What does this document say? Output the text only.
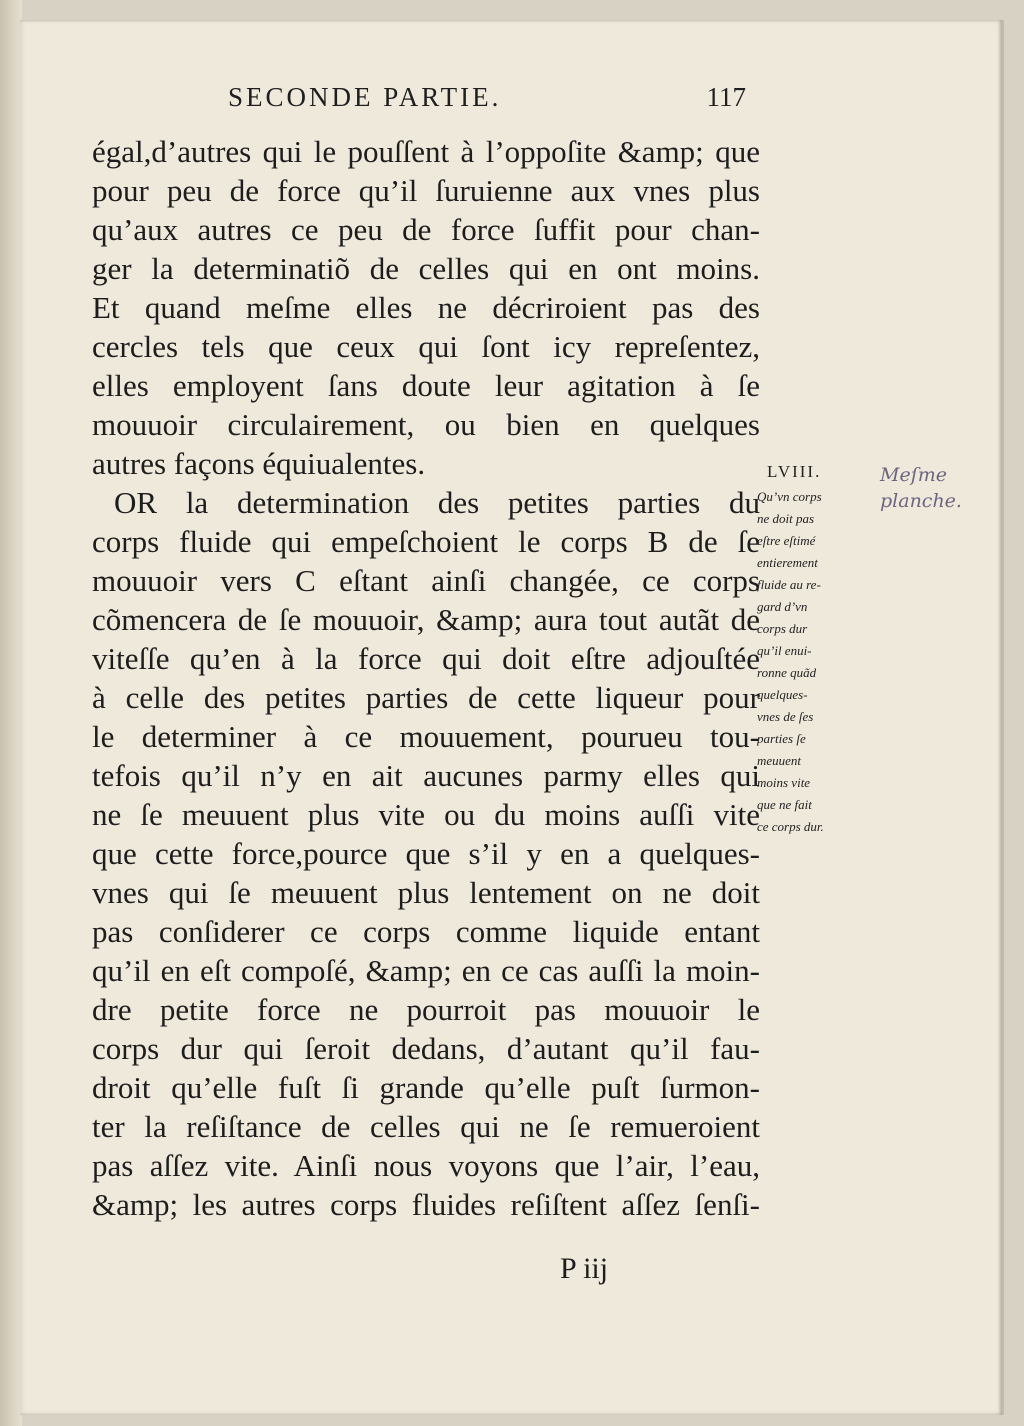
SECONDE PARTIE.	117
égal,d’autres qui le pouſſent à l’oppoſite &amp; que
pour peu de force qu’il ſuruienne aux vnes plus
qu’aux autres ce peu de force ſuffit pour chan-
ger la determinatiõ de celles qui en ont moins.
Et quand meſme elles ne décriroient pas des
cercles tels que ceux qui ſont icy repreſentez,
elles employent ſans doute leur agitation à ſe
mouuoir circulairement, ou bien en quelques
autres façons équiualentes.
OR la determination des petites parties du
corps fluide qui empeſchoient le corps B de ſe
mouuoir vers C eſtant ainſi changée, ce corps
cõmencera de ſe mouuoir, &amp; aura tout autãt de
viteſſe qu’en à la force qui doit eſtre adjouſtée
à celle des petites parties de cette liqueur pour
le determiner à ce mouuement, pourueu tou-
tefois qu’il n’y en ait aucunes parmy elles qui
ne ſe meuuent plus vite ou du moins auſſi vite
que cette force,pource que s’il y en a quelques-
vnes qui ſe meuuent plus lentement on ne doit
pas conſiderer ce corps comme liquide entant
qu’il en eſt compoſé, &amp; en ce cas auſſi la moin-
dre petite force ne pourroit pas mouuoir le
corps dur qui ſeroit dedans, d’autant qu’il fau-
droit qu’elle fuſt ſi grande qu’elle puſt ſurmon-
ter la reſiſtance de celles qui ne ſe remueroient
pas aſſez vite. Ainſi nous voyons que l’air, l’eau,
&amp; les autres corps fluides reſiſtent aſſez ſenſi-
P iij
LVIII.
Qu’vn corps
ne doit pas
eſtre eſtimé
entierement
fluide au re-
gard d’vn
corps dur
qu’il enui-
ronne quãd
quelques-
vnes de ſes
parties ſe
meuuent
moins vite
que ne fait
ce corps dur.
Meſme
planche.
